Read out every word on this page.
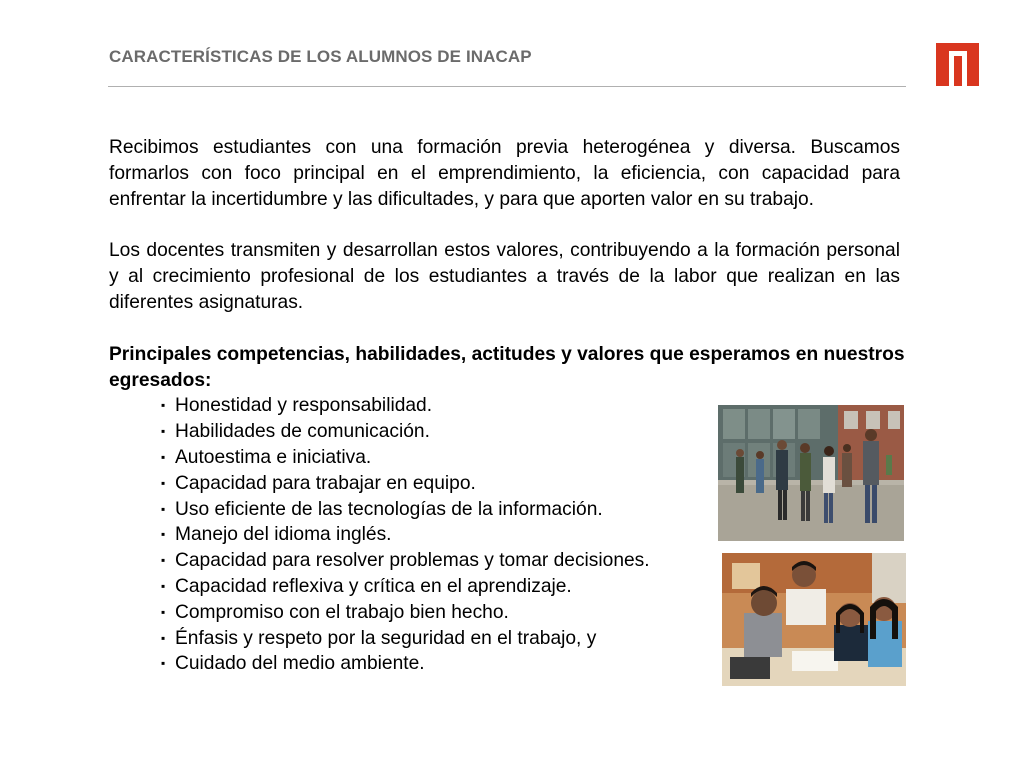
CARACTERÍSTICAS DE LOS ALUMNOS DE INACAP

Recibimos estudiantes con una formación previa heterogénea y diversa. Buscamos formarlos con foco principal en el emprendimiento, la eficiencia, con capacidad para enfrentar la incertidumbre y las dificultades, y para que aporten valor en su trabajo.

Los docentes transmiten y desarrollan estos valores, contribuyendo a la formación personal y al crecimiento profesional de los estudiantes a través de la labor que realizan en las diferentes asignaturas.

Principales competencias, habilidades, actitudes y valores que esperamos en nuestros egresados:

▪ Honestidad y responsabilidad.
▪ Habilidades de comunicación.
▪ Autoestima e iniciativa.
▪ Capacidad para trabajar en equipo.
▪ Uso eficiente de las tecnologías de la información.
▪ Manejo del idioma inglés.
▪ Capacidad para resolver problemas y tomar decisiones.
▪ Capacidad reflexiva y crítica en el aprendizaje.
▪ Compromiso con el trabajo bien hecho.
▪ Énfasis y respeto por la seguridad en el trabajo, y
▪ Cuidado del medio ambiente.
